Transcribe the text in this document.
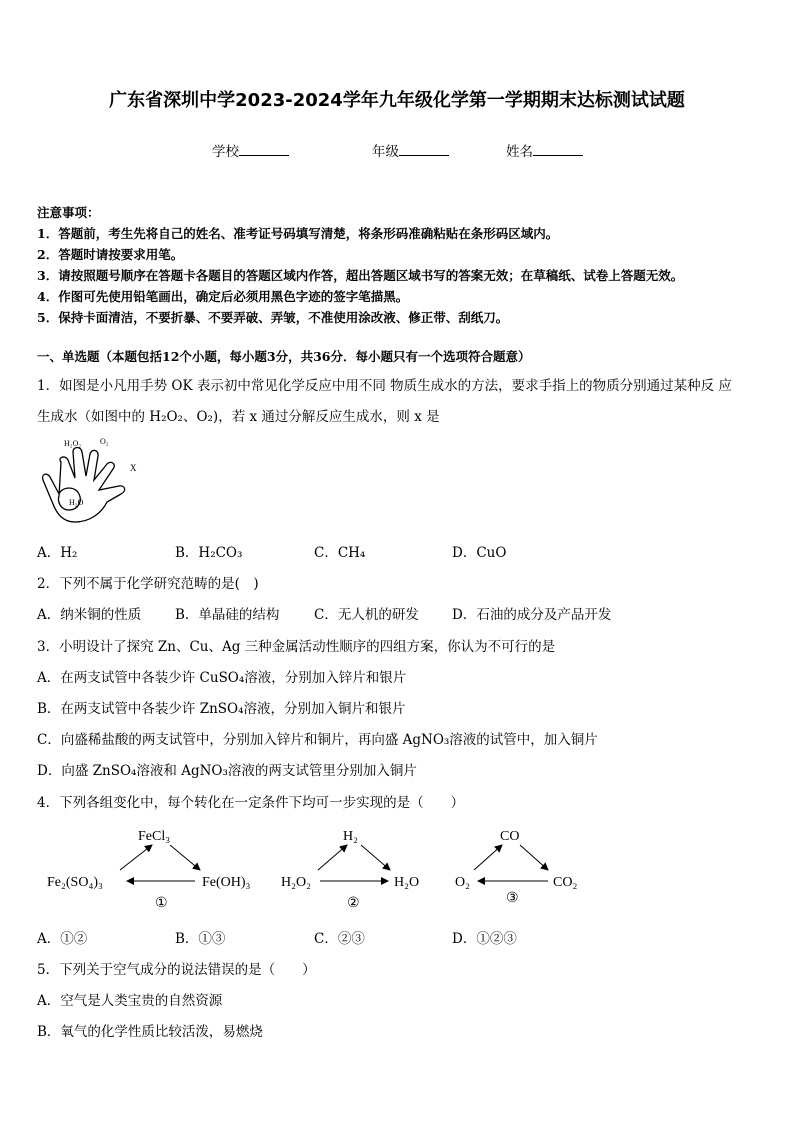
广东省深圳中学2023-2024学年九年级化学第一学期期末达标测试试题
学校	年级	姓名
注意事项：
1．答题前，考生先将自己的姓名、准考证号码填写清楚，将条形码准确粘贴在条形码区域内。
2．答题时请按要求用笔。
3．请按照题号顺序在答题卡各题目的答题区域内作答，超出答题区域书写的答案无效；在草稿纸、试卷上答题无效。
4．作图可先使用铅笔画出，确定后必须用黑色字迹的签字笔描黑。
5．保持卡面清洁，不要折暴、不要弄破、弄皱，不准使用涂改液、修正带、刮纸刀。
一、单选题（本题包括12个小题，每小题3分，共36分．每小题只有一个选项符合题意）
1．如图是小凡用手势 OK 表示初中常见化学反应中用不同 物质生成水的方法，要求手指上的物质分别通过某种反 应
生成水（如图中的 H₂O₂、O₂)，若 x 通过分解反应生成水，则 x 是
H₂O₂ O₂
X
H₂O
A．H₂	B．H₂CO₃	C．CH₄	D．CuO
2．下列不属于化学研究范畴的是(　)
A．纳米铜的性质	B．单晶硅的结构	C．无人机的研发 D．石油的成分及产品开发
3．小明设计了探究 Zn、Cu、Ag 三种金属活动性顺序的四组方案，你认为不可行的是
A．在两支试管中各装少许 CuSO₄溶液，分别加入锌片和银片
B．在两支试管中各装少许 ZnSO₄溶液，分别加入铜片和银片
C．向盛稀盐酸的两支试管中，分别加入锌片和铜片，再向盛 AgNO₃溶液的试管中，加入铜片
D．向盛 ZnSO₄溶液和 AgNO₃溶液的两支试管里分别加入铜片
4．下列各组变化中，每个转化在一定条件下均可一步实现的是（　　）
FeCl₃
Fe₂(SO₄)₃	Fe(OH)₃
①
H₂
H₂O₂	H₂O
②
CO
O₂	CO₂
③
A．①②	B．①③	C．②③	D．①②③
5．下列关于空气成分的说法错误的是（　　）
A．空气是人类宝贵的自然资源
B．氧气的化学性质比较活泼，易燃烧
